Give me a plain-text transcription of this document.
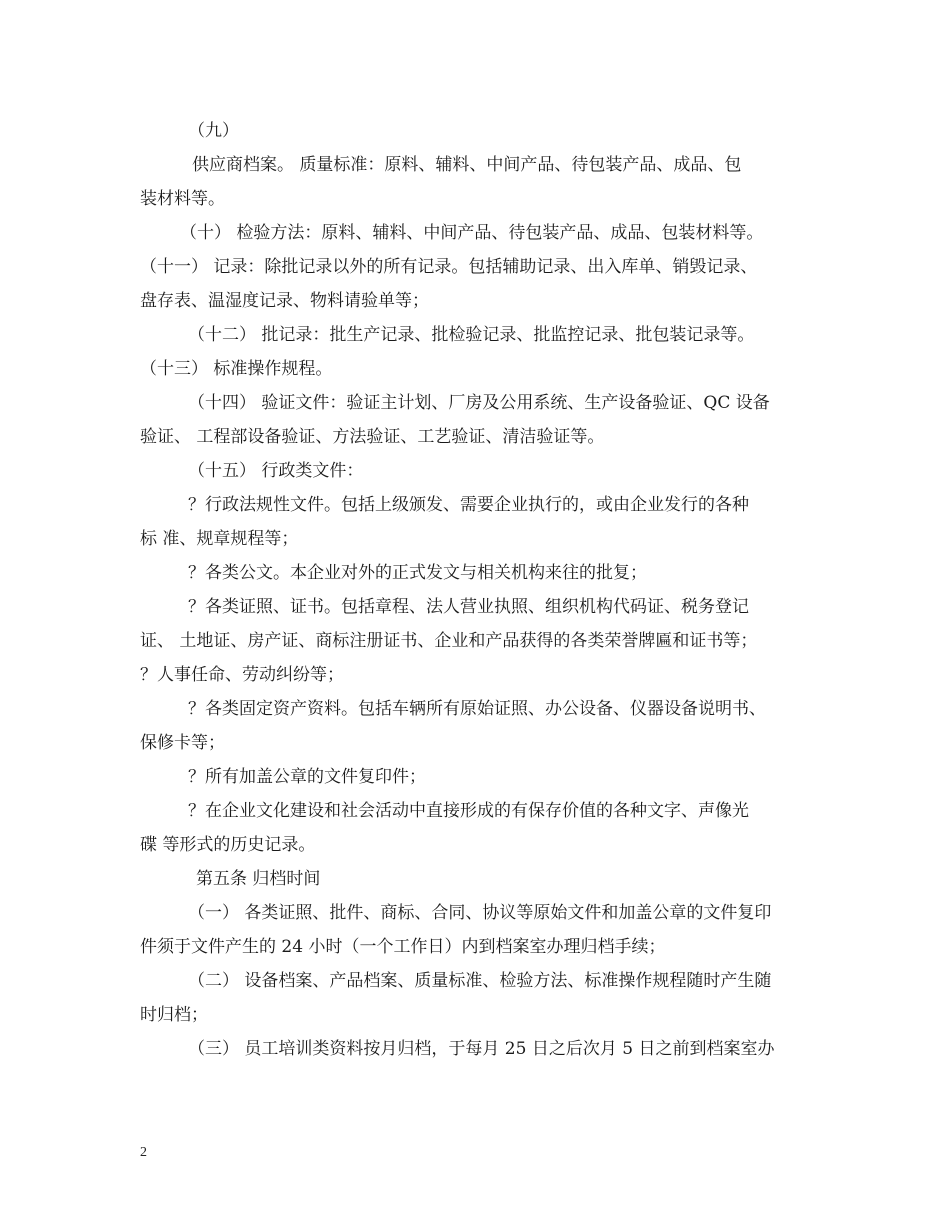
（九）

供应商档案。 质量标准：原料、辅料、中间产品、待包装产品、成品、包

装材料等。

（十） 检验方法：原料、辅料、中间产品、待包装产品、成品、包装材料等。

（十一） 记录：除批记录以外的所有记录。包括辅助记录、出入库单、销毁记录、

盘存表、温湿度记录、物料请验单等；

（十二） 批记录：批生产记录、批检验记录、批监控记录、批包装记录等。

（十三） 标准操作规程。

（十四） 验证文件：验证主计划、厂房及公用系统、生产设备验证、QC 设备

验证、 工程部设备验证、方法验证、工艺验证、清洁验证等。

（十五） 行政类文件：

？行政法规性文件。包括上级颁发、需要企业执行的，或由企业发行的各种

标 准、规章规程等；

？各类公文。本企业对外的正式发文与相关机构来往的批复；

？各类证照、证书。包括章程、法人营业执照、组织机构代码证、税务登记

证、 土地证、房产证、商标注册证书、企业和产品获得的各类荣誉牌匾和证书等；

？人事任命、劳动纠纷等；

？各类固定资产资料。包括车辆所有原始证照、办公设备、仪器设备说明书、

保修卡等；

？所有加盖公章的文件复印件；

？在企业文化建设和社会活动中直接形成的有保存价值的各种文字、声像光

碟 等形式的历史记录。

第五条 归档时间

（一） 各类证照、批件、商标、合同、协议等原始文件和加盖公章的文件复印

件须于文件产生的 24 小时（一个工作日）内到档案室办理归档手续；

（二） 设备档案、产品档案、质量标准、检验方法、标准操作规程随时产生随

时归档；

（三） 员工培训类资料按月归档，于每月 25 日之后次月 5 日之前到档案室办

2
